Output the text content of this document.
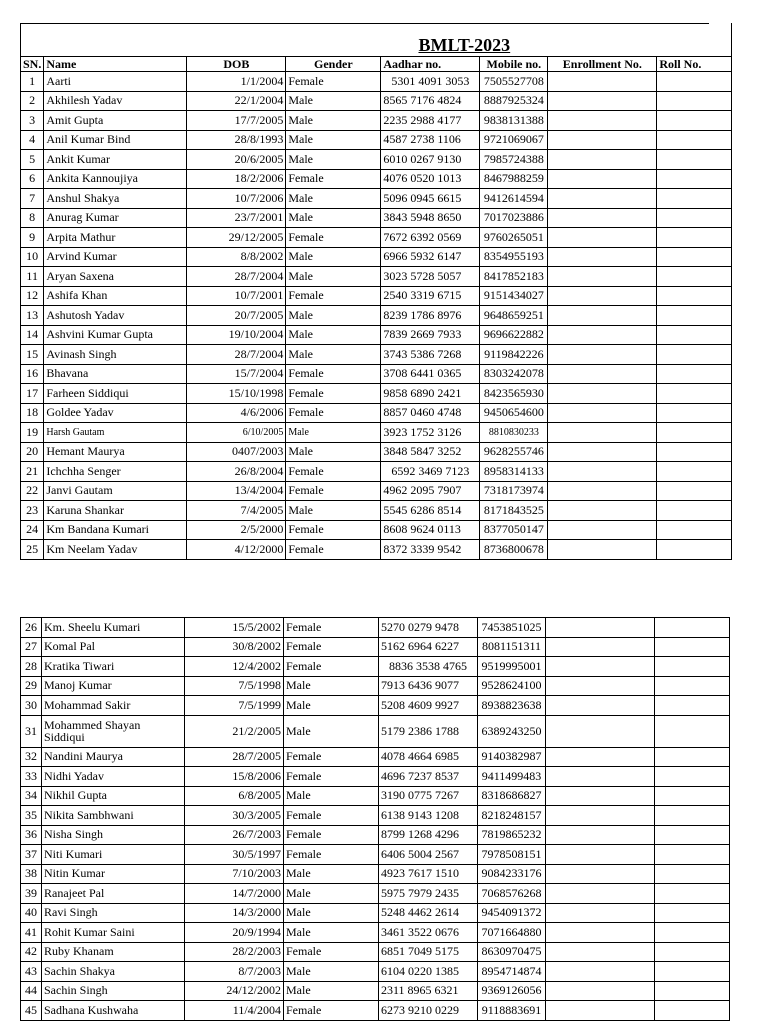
				BMLT-2023			
SN.	Name	DOB	Gender	Aadhar no.	Mobile no.	Enrollment No.	Roll No.
1	Aarti	1/1/2004	Female	5301 4091 3053	7505527708		
2	Akhilesh Yadav	22/1/2004	Male	8565 7176 4824	8887925324		
3	Amit Gupta	17/7/2005	Male	2235 2988 4177	9838131388		
4	Anil Kumar Bind	28/8/1993	Male	4587 2738 1106	9721069067		
5	Ankit Kumar	20/6/2005	Male	6010 0267 9130	7985724388		
6	Ankita Kannoujiya	18/2/2006	Female	4076 0520 1013	8467988259		
7	Anshul Shakya	10/7/2006	Male	5096 0945 6615	9412614594		
8	Anurag Kumar	23/7/2001	Male	3843 5948 8650	7017023886		
9	Arpita Mathur	29/12/2005	Female	7672 6392 0569	9760265051		
10	Arvind Kumar	8/8/2002	Male	6966 5932 6147	8354955193		
11	Aryan Saxena	28/7/2004	Male	3023 5728 5057	8417852183		
12	Ashifa Khan	10/7/2001	Female	2540 3319 6715	9151434027		
13	Ashutosh Yadav	20/7/2005	Male	8239 1786 8976	9648659251		
14	Ashvini Kumar Gupta	19/10/2004	Male	7839 2669 7933	9696622882		
15	Avinash Singh	28/7/2004	Male	3743 5386 7268	9119842226		
16	Bhavana	15/7/2004	Female	3708 6441 0365	8303242078		
17	Farheen Siddiqui	15/10/1998	Female	9858 6890 2421	8423565930		
18	Goldee Yadav	4/6/2006	Female	8857 0460 4748	9450654600		
19	Harsh Gautam	6/10/2005	Male	3923 1752 3126	8810830233		
20	Hemant Maurya	0407/2003	Male	3848 5847 3252	9628255746		
21	Ichchha Senger	26/8/2004	Female	6592 3469 7123	8958314133		
22	Janvi Gautam	13/4/2004	Female	4962 2095 7907	7318173974		
23	Karuna Shankar	7/4/2005	Male	5545 6286 8514	8171843525		
24	Km Bandana Kumari	2/5/2000	Female	8608 9624 0113	8377050147		
25	Km Neelam Yadav	4/12/2000	Female	8372 3339 9542	8736800678		
26	Km. Sheelu Kumari	15/5/2002	Female	5270 0279 9478	7453851025		
27	Komal Pal	30/8/2002	Female	5162 6964 6227	8081151311		
28	Kratika Tiwari	12/4/2002	Female	8836 3538 4765	9519995001		
29	Manoj Kumar	7/5/1998	Male	7913 6436 9077	9528624100		
30	Mohammad Sakir	7/5/1999	Male	5208 4609 9927	8938823638		
31	Mohammed Shayan Siddiqui	21/2/2005	Male	5179 2386 1788	6389243250		
32	Nandini Maurya	28/7/2005	Female	4078 4664 6985	9140382987		
33	Nidhi Yadav	15/8/2006	Female	4696 7237 8537	9411499483		
34	Nikhil Gupta	6/8/2005	Male	3190 0775 7267	8318686827		
35	Nikita Sambhwani	30/3/2005	Female	6138 9143 1208	8218248157		
36	Nisha Singh	26/7/2003	Female	8799 1268 4296	7819865232		
37	Niti Kumari	30/5/1997	Female	6406 5004 2567	7978508151		
38	Nitin Kumar	7/10/2003	Male	4923 7617 1510	9084233176		
39	Ranajeet Pal	14/7/2000	Male	5975 7979 2435	7068576268		
40	Ravi Singh	14/3/2000	Male	5248 4462 2614	9454091372		
41	Rohit Kumar Saini	20/9/1994	Male	3461 3522 0676	7071664880		
42	Ruby Khanam	28/2/2003	Female	6851 7049 5175	8630970475		
43	Sachin Shakya	8/7/2003	Male	6104 0220 1385	8954714874		
44	Sachin Singh	24/12/2002	Male	2311 8965 6321	9369126056		
45	Sadhana Kushwaha	11/4/2004	Female	6273 9210 0229	9118883691		
